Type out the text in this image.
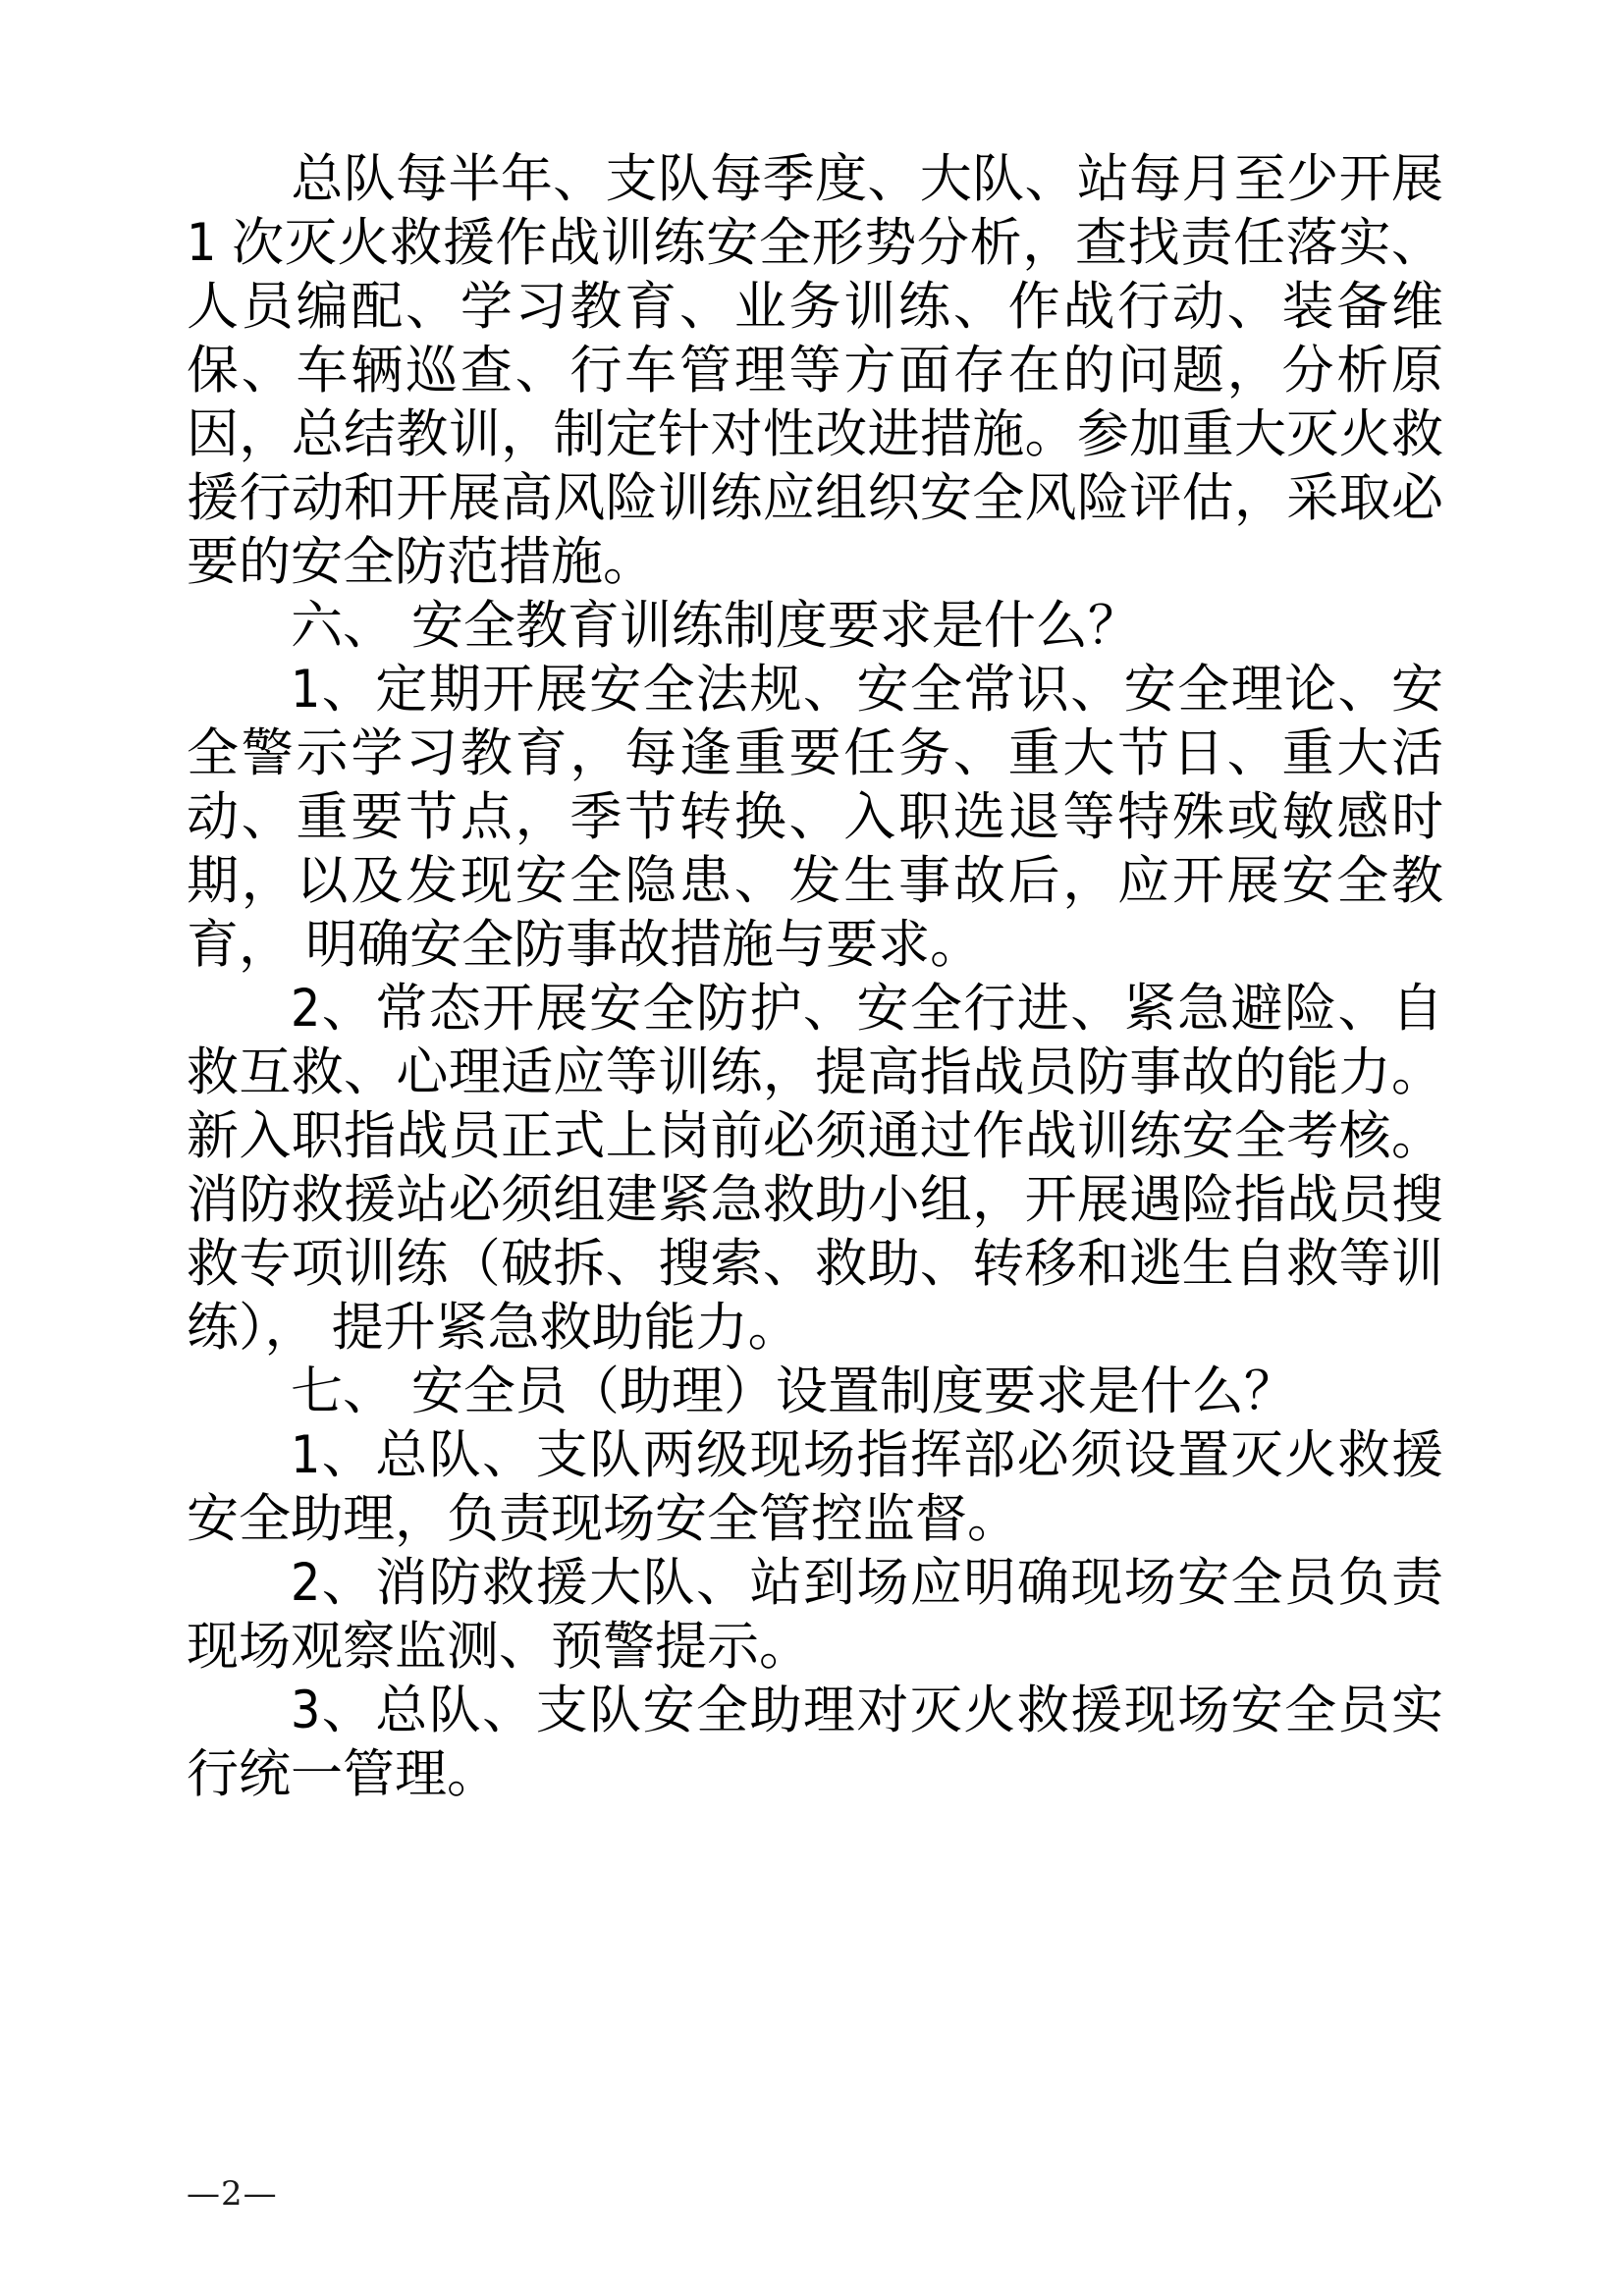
总队每半年、支队每季度、大队、站每月至少开展 1 次灭火救援作战训练安全形势分析，查找责任落实、人员编配、学习教育、业务训练、作战行动、装备维保、车辆巡查、行车管理等方面存在的问题，分析原因，总结教训，制定针对性改进措施。参加重大灭火救援行动和开展高风险训练应组织安全风险评估，采取必要的安全防范措施。

六、 安全教育训练制度要求是什么？

1、定期开展安全法规、安全常识、安全理论、安全警示学习教育，每逢重要任务、重大节日、重大活动、重要节点，季节转换、入职选退等特殊或敏感时期，以及发现安全隐患、发生事故后，应开展安全教育， 明确安全防事故措施与要求。

2、常态开展安全防护、安全行进、紧急避险、自救互救、心理适应等训练，提高指战员防事故的能力。新入职指战员正式上岗前必须通过作战训练安全考核。消防救援站必须组建紧急救助小组，开展遇险指战员搜救专项训练（破拆、搜索、救助、转移和逃生自救等训练）， 提升紧急救助能力。

七、 安全员（助理）设置制度要求是什么？

1、总队、支队两级现场指挥部必须设置灭火救援安全助理，负责现场安全管控监督。

2、消防救援大队、站到场应明确现场安全员负责现场观察监测、预警提示。

3、总队、支队安全助理对灭火救援现场安全员实行统一管理。

—2—
